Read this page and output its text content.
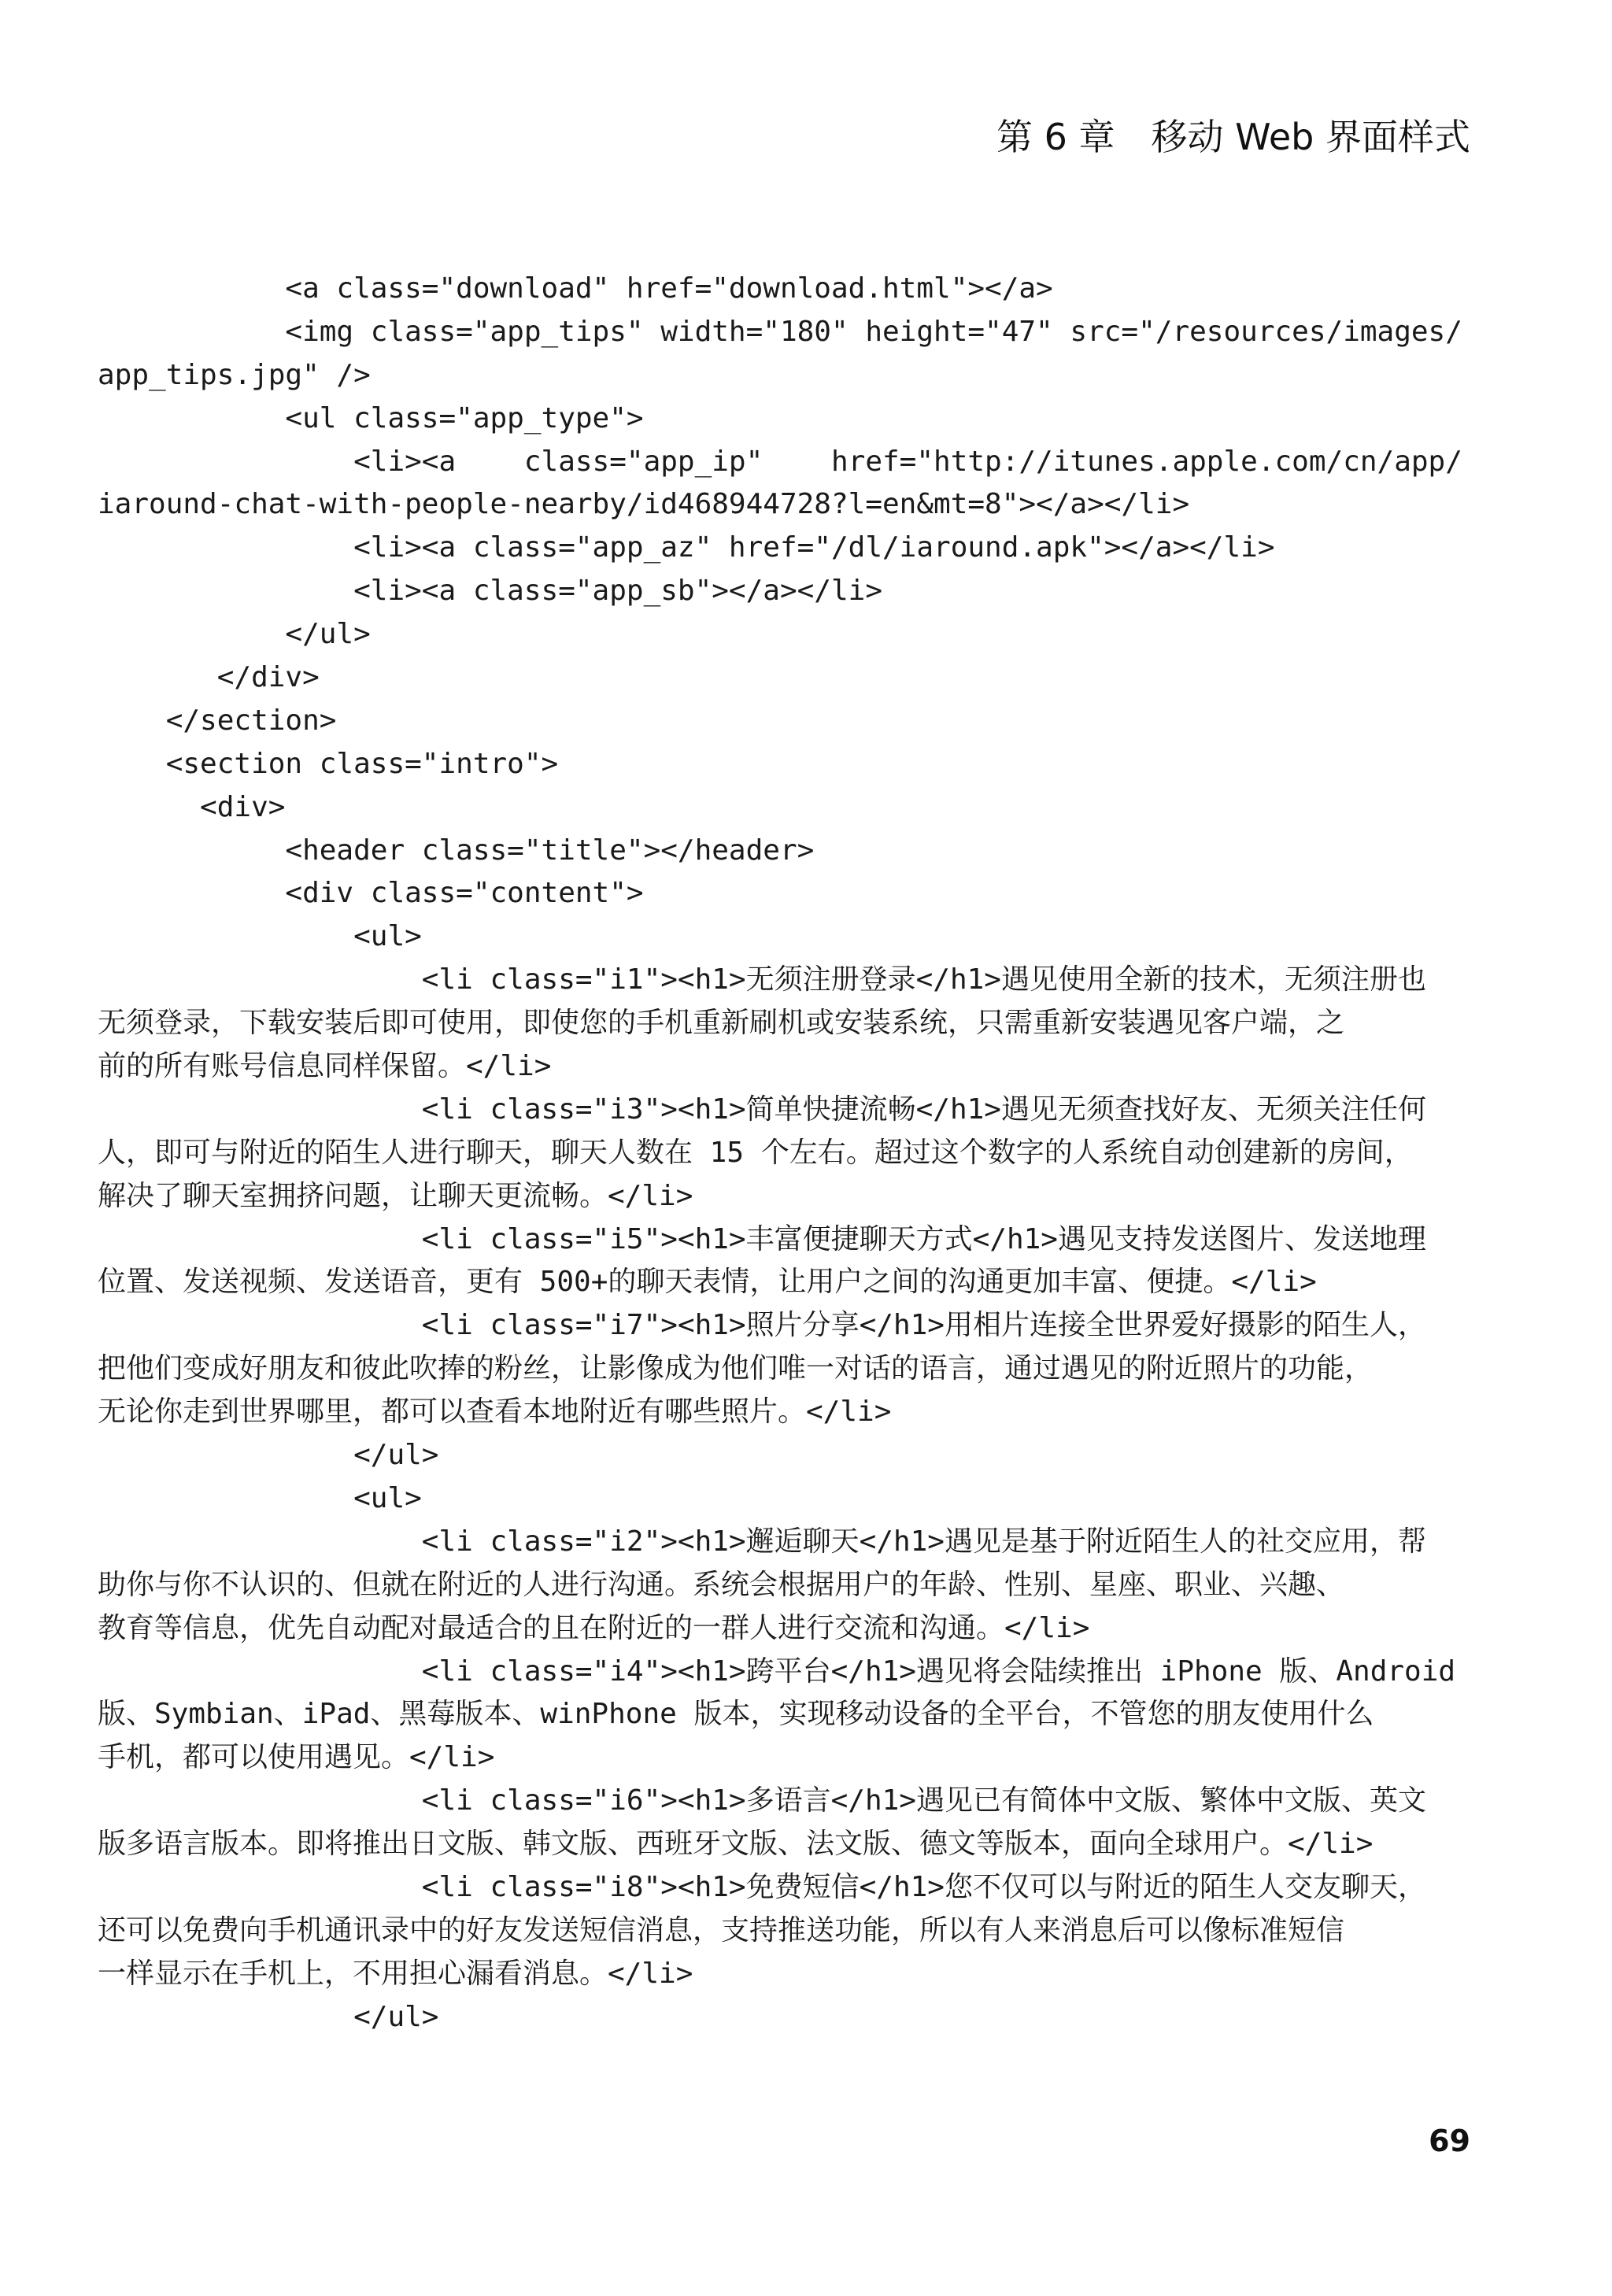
第 6 章　移动 Web 界面样式
<a class="download" href="download.html"></a>
<img class="app_tips" width="180" height="47" src="/resources/images/
app_tips.jpg" />
<ul class="app_type">
<li><a    class="app_ip"    href="http://itunes.apple.com/cn/app/
iaround-chat-with-people-nearby/id468944728?l=en&mt=8"></a></li>
<li><a class="app_az" href="/dl/iaround.apk"></a></li>
<li><a class="app_sb"></a></li>
</ul>
</div>
</section>
<section class="intro">
<div>
<header class="title"></header>
<div class="content">
<ul>
<li class="i1"><h1>无须注册登录</h1>遇见使用全新的技术，无须注册也
无须登录，下载安装后即可使用，即使您的手机重新刷机或安装系统，只需重新安装遇见客户端，之
前的所有账号信息同样保留。</li>
<li class="i3"><h1>简单快捷流畅</h1>遇见无须查找好友、无须关注任何
人，即可与附近的陌生人进行聊天，聊天人数在 15 个左右。超过这个数字的人系统自动创建新的房间，
解决了聊天室拥挤问题，让聊天更流畅。</li>
<li class="i5"><h1>丰富便捷聊天方式</h1>遇见支持发送图片、发送地理
位置、发送视频、发送语音，更有 500+的聊天表情，让用户之间的沟通更加丰富、便捷。</li>
<li class="i7"><h1>照片分享</h1>用相片连接全世界爱好摄影的陌生人，
把他们变成好朋友和彼此吹捧的粉丝，让影像成为他们唯一对话的语言，通过遇见的附近照片的功能，
无论你走到世界哪里，都可以查看本地附近有哪些照片。</li>
</ul>
<ul>
<li class="i2"><h1>邂逅聊天</h1>遇见是基于附近陌生人的社交应用，帮
助你与你不认识的、但就在附近的人进行沟通。系统会根据用户的年龄、性别、星座、职业、兴趣、
教育等信息，优先自动配对最适合的且在附近的一群人进行交流和沟通。</li>
<li class="i4"><h1>跨平台</h1>遇见将会陆续推出 iPhone 版、Android
版、Symbian、iPad、黑莓版本、winPhone 版本，实现移动设备的全平台，不管您的朋友使用什么
手机，都可以使用遇见。</li>
<li class="i6"><h1>多语言</h1>遇见已有简体中文版、繁体中文版、英文
版多语言版本。即将推出日文版、韩文版、西班牙文版、法文版、德文等版本，面向全球用户。</li>
<li class="i8"><h1>免费短信</h1>您不仅可以与附近的陌生人交友聊天，
还可以免费向手机通讯录中的好友发送短信消息，支持推送功能，所以有人来消息后可以像标准短信
一样显示在手机上，不用担心漏看消息。</li>
</ul>
69
